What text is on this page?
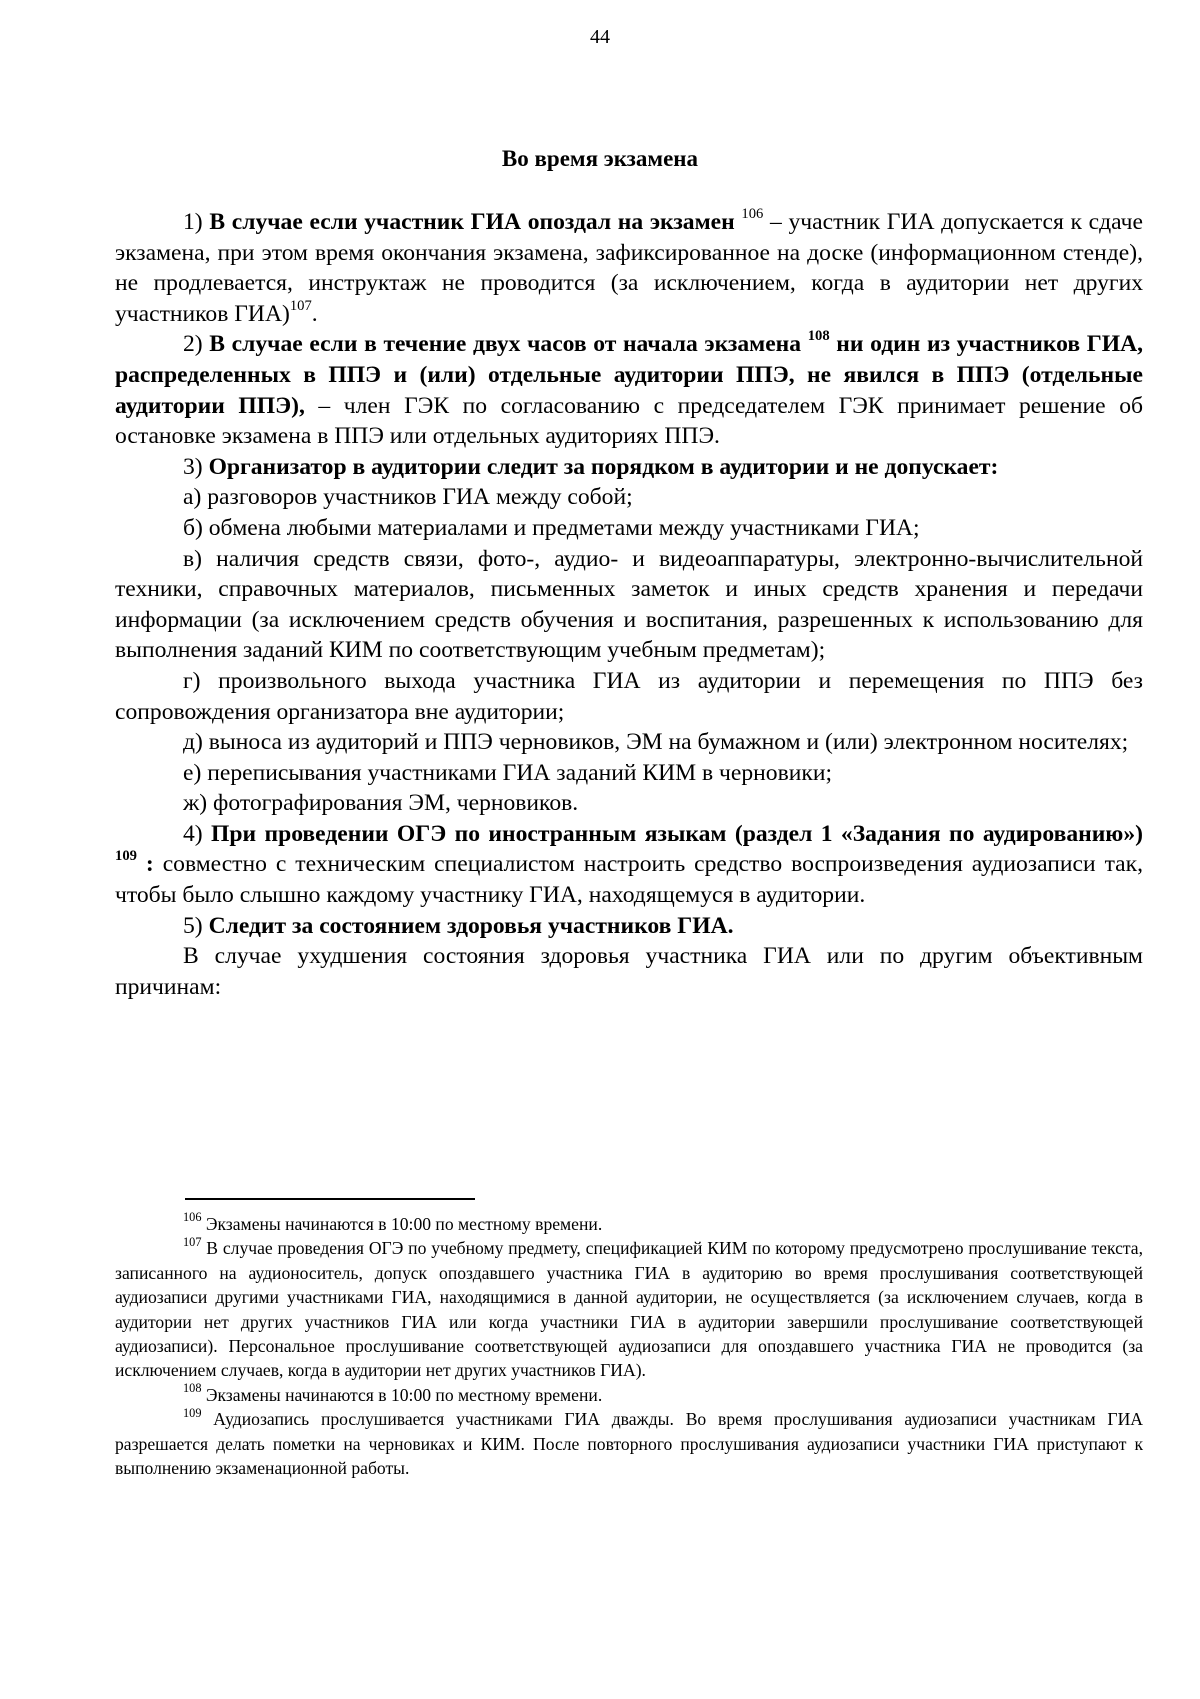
44
Во время экзамена

1) В случае если участник ГИА опоздал на экзамен $^{106}$ – участник ГИА допускается к сдаче экзамена, при этом время окончания экзамена, зафиксированное на доске (информационном стенде), не продлевается, инструктаж не проводится (за исключением, когда в аудитории нет других участников ГИА)$^{107}$.

2) В случае если в течение двух часов от начала экзамена $^{108}$ ни один из участников ГИА, распределенных в ППЭ и (или) отдельные аудитории ППЭ, не явился в ППЭ (отдельные аудитории ППЭ), – член ГЭК по согласованию с председателем ГЭК принимает решение об остановке экзамена в ППЭ или отдельных аудиториях ППЭ.

3) Организатор в аудитории следит за порядком в аудитории и не допускает:

а) разговоров участников ГИА между собой;

б) обмена любыми материалами и предметами между участниками ГИА;

в) наличия средств связи, фото-, аудио- и видеоаппаратуры, электронно-вычислительной техники, справочных материалов, письменных заметок и иных средств хранения и передачи информации (за исключением средств обучения и воспитания, разрешенных к использованию для выполнения заданий КИМ по соответствующим учебным предметам);

г) произвольного выхода участника ГИА из аудитории и перемещения по ППЭ без сопровождения организатора вне аудитории;

д) выноса из аудиторий и ППЭ черновиков, ЭМ на бумажном и (или) электронном носителях;

е) переписывания участниками ГИА заданий КИМ в черновики;

ж) фотографирования ЭМ, черновиков.

4) При проведении ОГЭ по иностранным языкам (раздел 1 «Задания по аудированию») $^{109}$ : совместно с техническим специалистом настроить средство воспроизведения аудиозаписи так, чтобы было слышно каждому участнику ГИА, находящемуся в аудитории.

5) Следит за состоянием здоровья участников ГИА.

В случае ухудшения состояния здоровья участника ГИА или по другим объективным причинам:

$^{106}$ Экзамены начинаются в 10:00 по местному времени.

$^{107}$ В случае проведения ОГЭ по учебному предмету, спецификацией КИМ по которому предусмотрено прослушивание текста, записанного на аудионоситель, допуск опоздавшего участника ГИА в аудиторию во время прослушивания соответствующей аудиозаписи другими участниками ГИА, находящимися в данной аудитории, не осуществляется (за исключением случаев, когда в аудитории нет других участников ГИА или когда участники ГИА в аудитории завершили прослушивание соответствующей аудиозаписи). Персональное прослушивание соответствующей аудиозаписи для опоздавшего участника ГИА не проводится (за исключением случаев, когда в аудитории нет других участников ГИА).

$^{108}$ Экзамены начинаются в 10:00 по местному времени.

$^{109}$ Аудиозапись прослушивается участниками ГИА дважды. Во время прослушивания аудиозаписи участникам ГИА разрешается делать пометки на черновиках и КИМ. После повторного прослушивания аудиозаписи участники ГИА приступают к выполнению экзаменационной работы.
